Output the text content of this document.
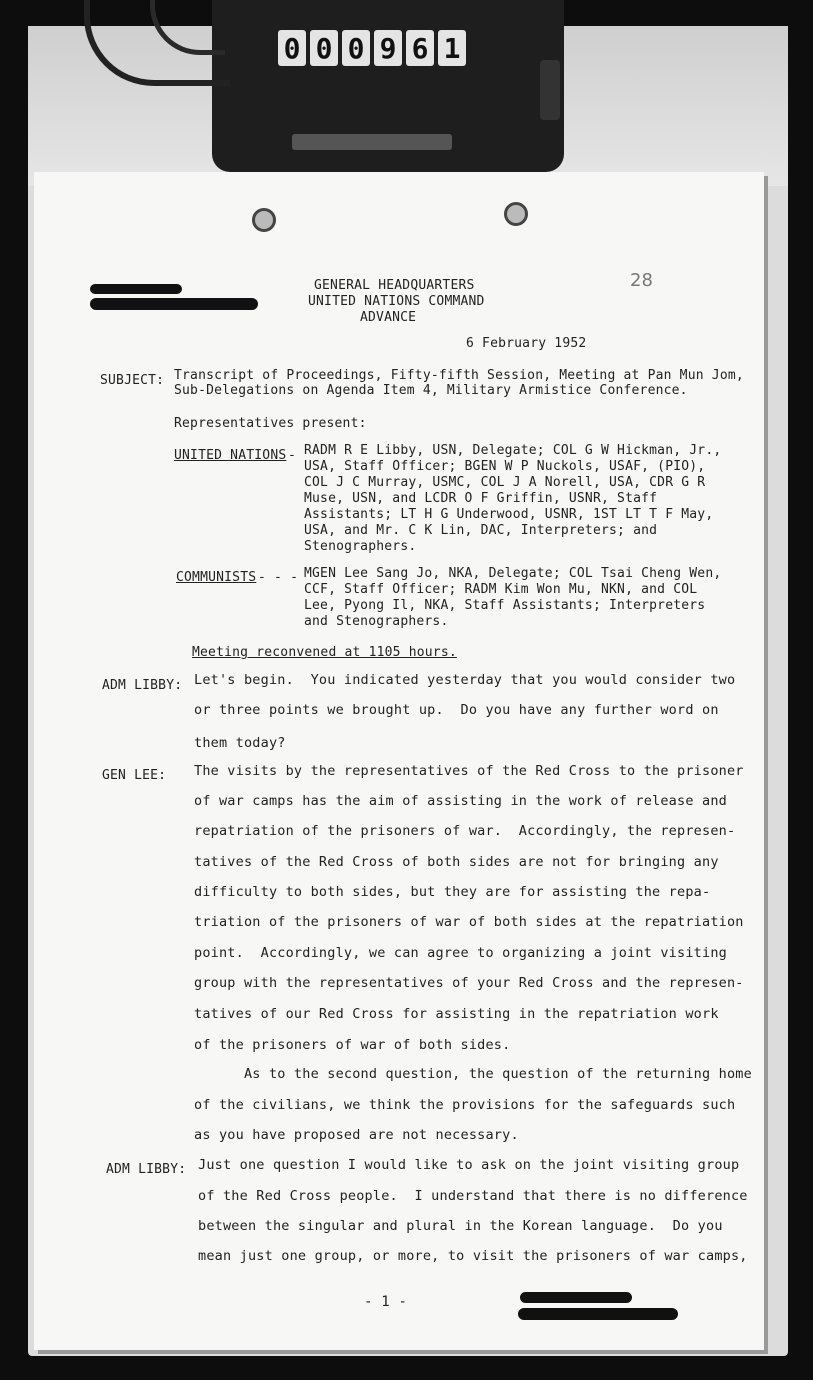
0 0 0 9 6 1
28
GENERAL HEADQUARTERS
UNITED NATIONS COMMAND
ADVANCE
6 February 1952
SUBJECT: Transcript of Proceedings, Fifty-fifth Session, Meeting at Pan Mun Jom,
Sub-Delegations on Agenda Item 4, Military Armistice Conference.
Representatives present:
UNITED NATIONS - RADM R E Libby, USN, Delegate; COL G W Hickman, Jr.,
USA, Staff Officer; BGEN W P Nuckols, USAF, (PIO),
COL J C Murray, USMC, COL J A Norell, USA, CDR G R
Muse, USN, and LCDR O F Griffin, USNR, Staff
Assistants; LT H G Underwood, USNR, 1ST LT T F May,
USA, and Mr. C K Lin, DAC, Interpreters; and
Stenographers.
COMMUNISTS - - - MGEN Lee Sang Jo, NKA, Delegate; COL Tsai Cheng Wen,
CCF, Staff Officer; RADM Kim Won Mu, NKN, and COL
Lee, Pyong Il, NKA, Staff Assistants; Interpreters
and Stenographers.
Meeting reconvened at 1105 hours.
ADM LIBBY: Let's begin.  You indicated yesterday that you would consider two
or three points we brought up.  Do you have any further word on
them today?
GEN LEE: The visits by the representatives of the Red Cross to the prisoner
of war camps has the aim of assisting in the work of release and
repatriation of the prisoners of war.  Accordingly, the represen-
tatives of the Red Cross of both sides are not for bringing any
difficulty to both sides, but they are for assisting the repa-
triation of the prisoners of war of both sides at the repatriation
point.  Accordingly, we can agree to organizing a joint visiting
group with the representatives of your Red Cross and the represen-
tatives of our Red Cross for assisting in the repatriation work
of the prisoners of war of both sides.
As to the second question, the question of the returning home
of the civilians, we think the provisions for the safeguards such
as you have proposed are not necessary.
ADM LIBBY: Just one question I would like to ask on the joint visiting group
of the Red Cross people.  I understand that there is no difference
between the singular and plural in the Korean language.  Do you
mean just one group, or more, to visit the prisoners of war camps,
- 1 -
